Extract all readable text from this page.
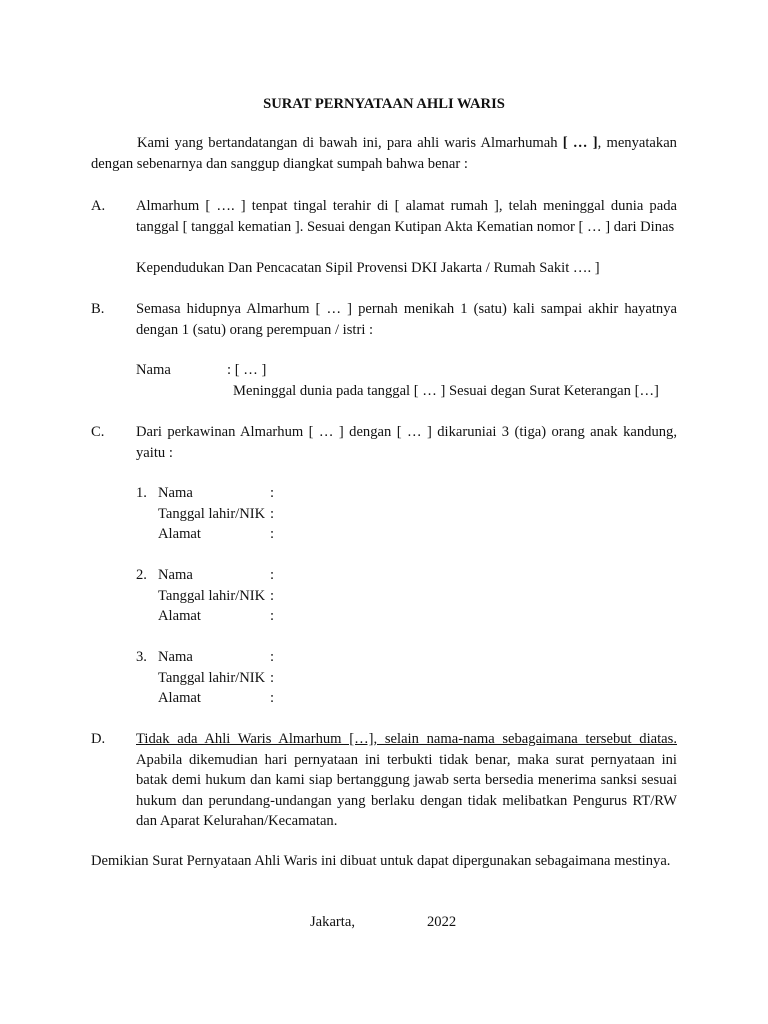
SURAT PERNYATAAN AHLI WARIS
Kami yang bertandatangan di bawah ini, para ahli waris Almarhumah [ … ], menyatakan dengan sebenarnya dan sanggup diangkat sumpah bahwa benar :
A. Almarhum [ …. ] tenpat tingal terahir di [ alamat rumah ], telah meninggal dunia pada tanggal [ tanggal kematian ]. Sesuai dengan Kutipan Akta Kematian nomor [ … ] dari Dinas
Kependudukan Dan Pencacatan Sipil Provensi DKI Jakarta / Rumah Sakit …. ]
B. Semasa hidupnya Almarhum [ … ] pernah menikah 1 (satu) kali sampai akhir hayatnya dengan 1 (satu) orang perempuan / istri :
Nama	: [ … ]
Meninggal dunia pada tanggal [ … ] Sesuai degan Surat Keterangan […]
C. Dari perkawinan Almarhum [ … ] dengan [ … ] dikaruniai 3 (tiga) orang anak kandung, yaitu :
1. Nama	:
Tanggal lahir/NIK :
Alamat	:
2. Nama	:
Tanggal lahir/NIK :
Alamat	:
3. Nama	:
Tanggal lahir/NIK :
Alamat	:
D. Tidak ada Ahli Waris Almarhum […], selain nama-nama sebagaimana tersebut diatas. Apabila dikemudian hari pernyataan ini terbukti tidak benar, maka surat pernyataan ini batak demi hukum dan kami siap bertanggung jawab serta bersedia menerima sanksi sesuai hukum dan perundang-undangan yang berlaku dengan tidak melibatkan Pengurus RT/RW dan Aparat Kelurahan/Kecamatan.
Demikian Surat Pernyataan Ahli Waris ini dibuat untuk dapat dipergunakan sebagaimana mestinya.
Jakarta,	2022
